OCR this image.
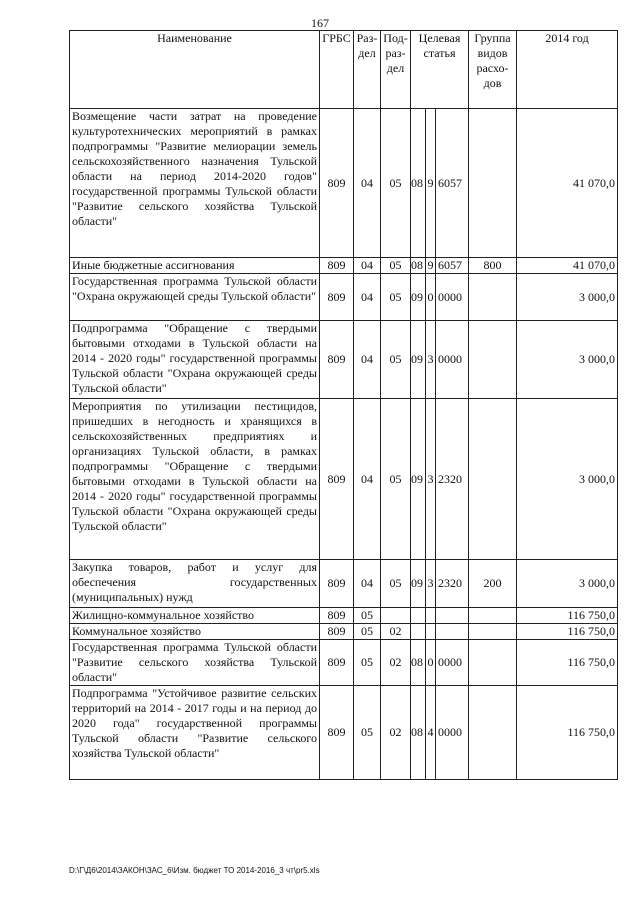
167
Наименование	ГРБС	Раз-дел	Под-раз-дел	Целевая статья			Группа видов расхо-дов	2014 год
Возмещение части затрат на проведение культуротехнических мероприятий в рамках подпрограммы "Развитие мелиорации земель сельскохозяйственного назначения Тульской области на период 2014-2020 годов" государственной программы Тульской области "Развитие сельского хозяйства Тульской области"	809	04	05	08	9	6057		41 070,0
Иные бюджетные ассигнования	809	04	05	08	9	6057	800	41 070,0
Государственная программа Тульской области "Охрана окружающей среды Тульской области"	809	04	05	09	0	0000		3 000,0
Подпрограмма "Обращение с твердыми бытовыми отходами в Тульской области на 2014 - 2020 годы" государственной программы Тульской области "Охрана окружающей среды Тульской области"	809	04	05	09	3	0000		3 000,0
Мероприятия по утилизации пестицидов, пришедших в негодность и хранящихся в сельскохозяйственных предприятиях и организациях Тульской области, в рамках подпрограммы "Обращение с твердыми бытовыми отходами в Тульской области на 2014 - 2020 годы" государственной программы Тульской области "Охрана окружающей среды Тульской области"	809	04	05	09	3	2320		3 000,0
Закупка товаров, работ и услуг для обеспечения государственных (муниципальных) нужд	809	04	05	09	3	2320	200	3 000,0
Жилищно-коммунальное хозяйство	809	05						116 750,0
Коммунальное хозяйство	809	05	02					116 750,0
Государственная программа Тульской области "Развитие сельского хозяйства Тульской области"	809	05	02	08	0	0000		116 750,0
Подпрограмма "Устойчивое развитие сельских территорий на 2014 - 2017 годы и на период до 2020 года" государственной программы Тульской области "Развитие сельского хозяйства Тульской области"	809	05	02	08	4	0000		116 750,0
D:\Г\Д6\2014\ЗАКОН\ЗАС_6\Изм. бюджет ТО 2014-2016_3 чт\pr5.xls
